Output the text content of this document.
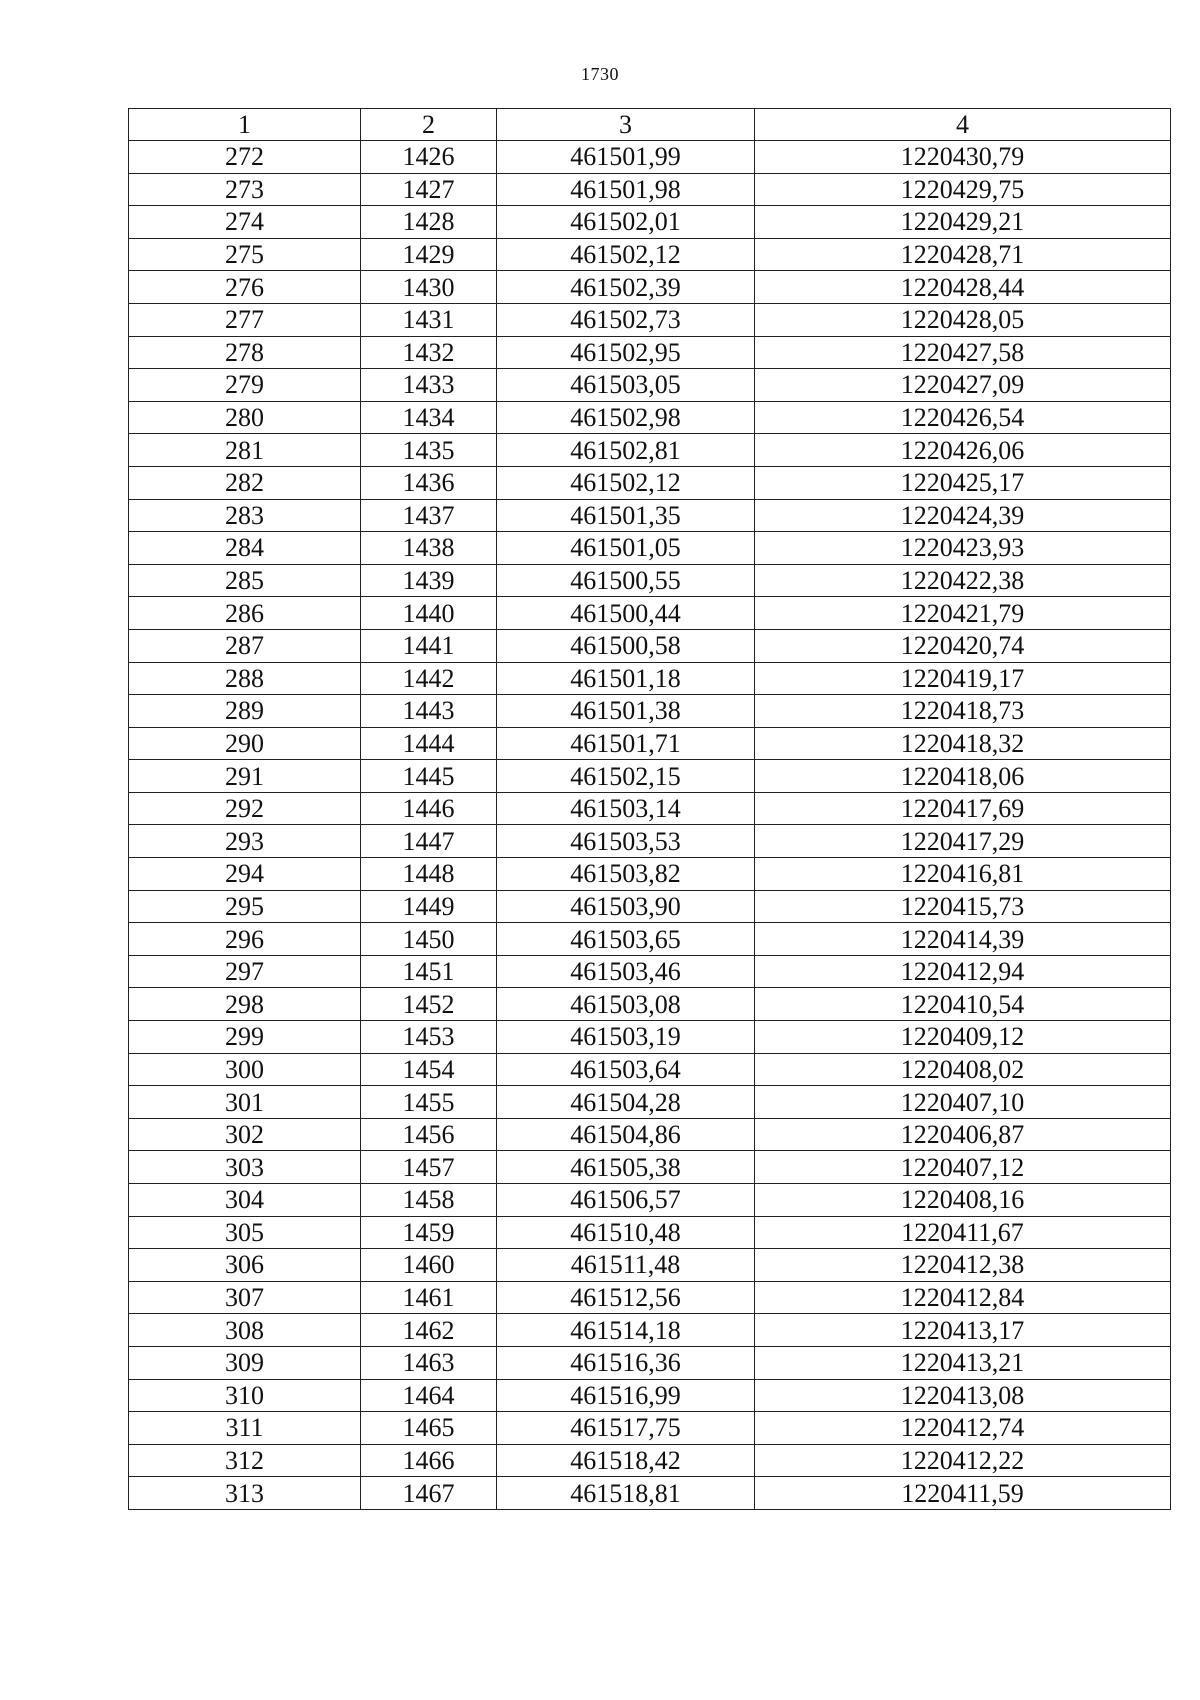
1730
1	2	3	4
272	1426	461501,99	1220430,79
273	1427	461501,98	1220429,75
274	1428	461502,01	1220429,21
275	1429	461502,12	1220428,71
276	1430	461502,39	1220428,44
277	1431	461502,73	1220428,05
278	1432	461502,95	1220427,58
279	1433	461503,05	1220427,09
280	1434	461502,98	1220426,54
281	1435	461502,81	1220426,06
282	1436	461502,12	1220425,17
283	1437	461501,35	1220424,39
284	1438	461501,05	1220423,93
285	1439	461500,55	1220422,38
286	1440	461500,44	1220421,79
287	1441	461500,58	1220420,74
288	1442	461501,18	1220419,17
289	1443	461501,38	1220418,73
290	1444	461501,71	1220418,32
291	1445	461502,15	1220418,06
292	1446	461503,14	1220417,69
293	1447	461503,53	1220417,29
294	1448	461503,82	1220416,81
295	1449	461503,90	1220415,73
296	1450	461503,65	1220414,39
297	1451	461503,46	1220412,94
298	1452	461503,08	1220410,54
299	1453	461503,19	1220409,12
300	1454	461503,64	1220408,02
301	1455	461504,28	1220407,10
302	1456	461504,86	1220406,87
303	1457	461505,38	1220407,12
304	1458	461506,57	1220408,16
305	1459	461510,48	1220411,67
306	1460	461511,48	1220412,38
307	1461	461512,56	1220412,84
308	1462	461514,18	1220413,17
309	1463	461516,36	1220413,21
310	1464	461516,99	1220413,08
311	1465	461517,75	1220412,74
312	1466	461518,42	1220412,22
313	1467	461518,81	1220411,59
